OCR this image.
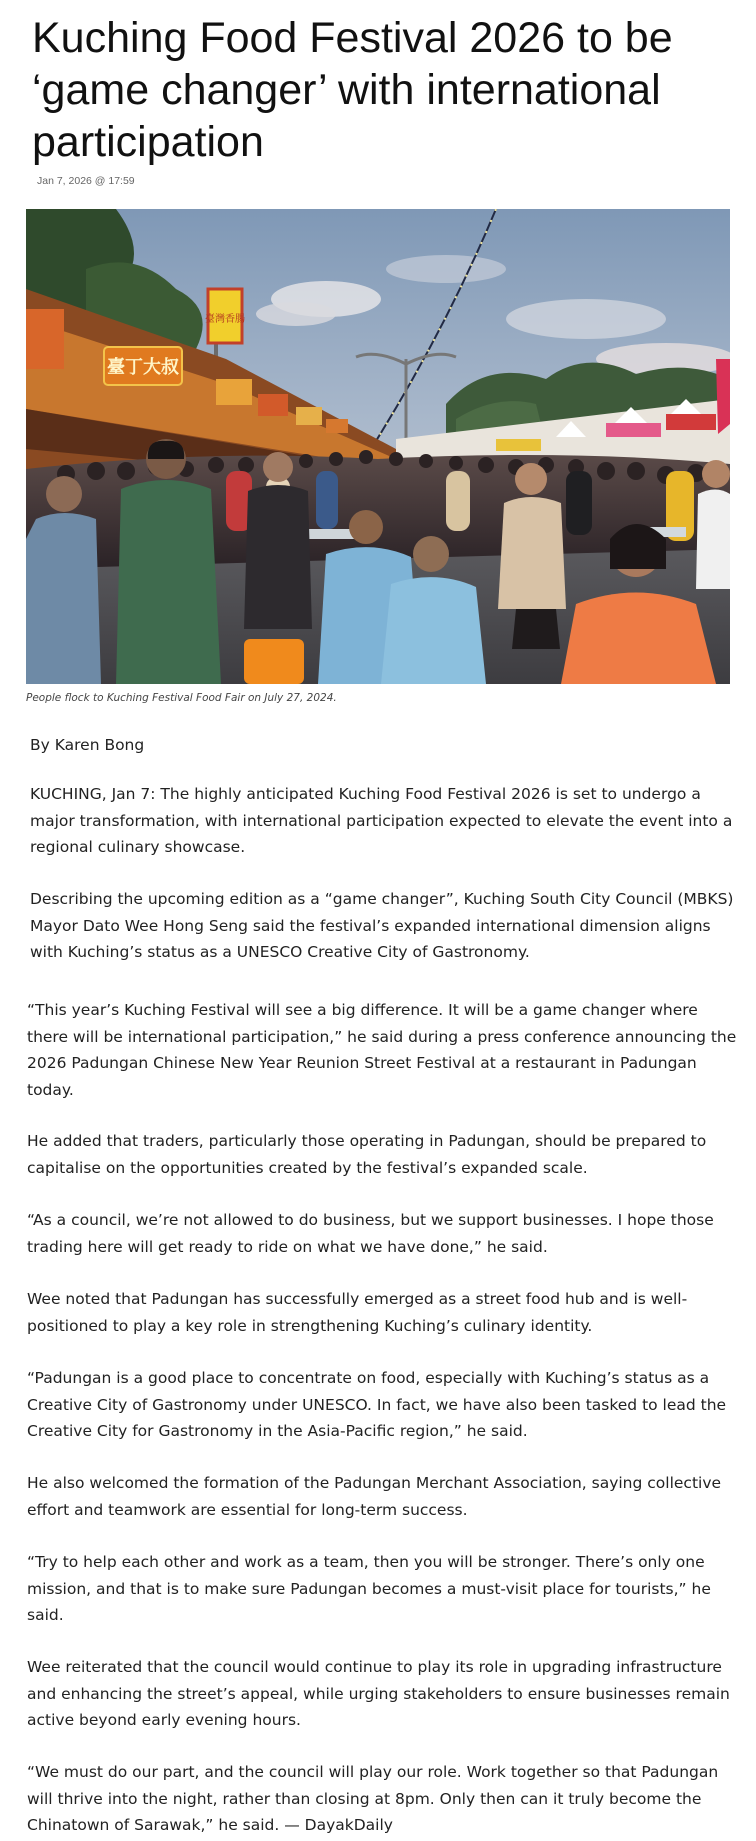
Kuching Food Festival 2026 to be ‘game changer’ with international participation
Jan 7, 2026 @ 17:59
臺丁大叔
臺灣香腸
People flock to Kuching Festival Food Fair on July 27, 2024.
By Karen Bong

KUCHING, Jan 7: The highly anticipated Kuching Food Festival 2026 is set to undergo a major transformation, with international participation expected to elevate the event into a regional culinary showcase.

Describing the upcoming edition as a “game changer”, Kuching South City Council (MBKS) Mayor Dato Wee Hong Seng said the festival’s expanded international dimension aligns with Kuching’s status as a UNESCO Creative City of Gastronomy.

“This year’s Kuching Festival will see a big difference. It will be a game changer where there will be international participation,” he said during a press conference announcing the 2026 Padungan Chinese New Year Reunion Street Festival at a restaurant in Padungan today.

He added that traders, particularly those operating in Padungan, should be prepared to capitalise on the opportunities created by the festival’s expanded scale.

“As a council, we’re not allowed to do business, but we support businesses. I hope those trading here will get ready to ride on what we have done,” he said.

Wee noted that Padungan has successfully emerged as a street food hub and is well-positioned to play a key role in strengthening Kuching’s culinary identity.

“Padungan is a good place to concentrate on food, especially with Kuching’s status as a Creative City of Gastronomy under UNESCO. In fact, we have also been tasked to lead the Creative City for Gastronomy in the Asia-Pacific region,” he said.

He also welcomed the formation of the Padungan Merchant Association, saying collective effort and teamwork are essential for long-term success.

“Try to help each other and work as a team, then you will be stronger. There’s only one mission, and that is to make sure Padungan becomes a must-visit place for tourists,” he said.

Wee reiterated that the council would continue to play its role in upgrading infrastructure and enhancing the street’s appeal, while urging stakeholders to ensure businesses remain active beyond early evening hours.

“We must do our part, and the council will play our role. Work together so that Padungan will thrive into the night, rather than closing at 8pm. Only then can it truly become the Chinatown of Sarawak,” he said. — DayakDaily
